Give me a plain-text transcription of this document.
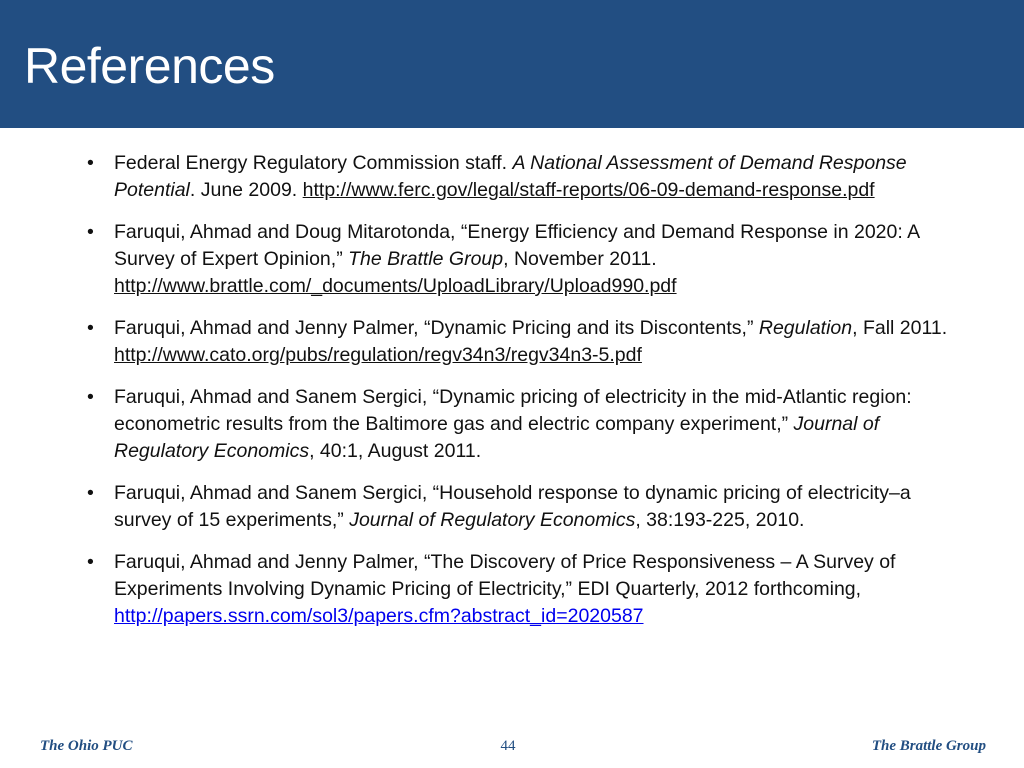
References
•	Federal Energy Regulatory Commission staff. A National Assessment of Demand Response Potential. June 2009. http://www.ferc.gov/legal/staff-reports/06-09-demand-response.pdf
•	Faruqui, Ahmad and Doug Mitarotonda, “Energy Efficiency and Demand Response in 2020: A Survey of Expert Opinion,” The Brattle Group, November 2011. http://www.brattle.com/_documents/UploadLibrary/Upload990.pdf
•	Faruqui, Ahmad and Jenny Palmer, “Dynamic Pricing and its Discontents,” Regulation, Fall 2011. http://www.cato.org/pubs/regulation/regv34n3/regv34n3-5.pdf
•	Faruqui, Ahmad and Sanem Sergici, “Dynamic pricing of electricity in the mid-Atlantic region: econometric results from the Baltimore gas and electric company experiment,” Journal of Regulatory Economics, 40:1, August 2011.
•	Faruqui, Ahmad and Sanem Sergici, “Household response to dynamic pricing of electricity–a survey of 15 experiments,” Journal of Regulatory Economics, 38:193-225, 2010.
•	Faruqui, Ahmad and Jenny Palmer, “The Discovery of Price Responsiveness – A Survey of Experiments Involving Dynamic Pricing of Electricity,” EDI Quarterly, 2012 forthcoming, http://papers.ssrn.com/sol3/papers.cfm?abstract_id=2020587
The Ohio PUC	44	The Brattle Group
